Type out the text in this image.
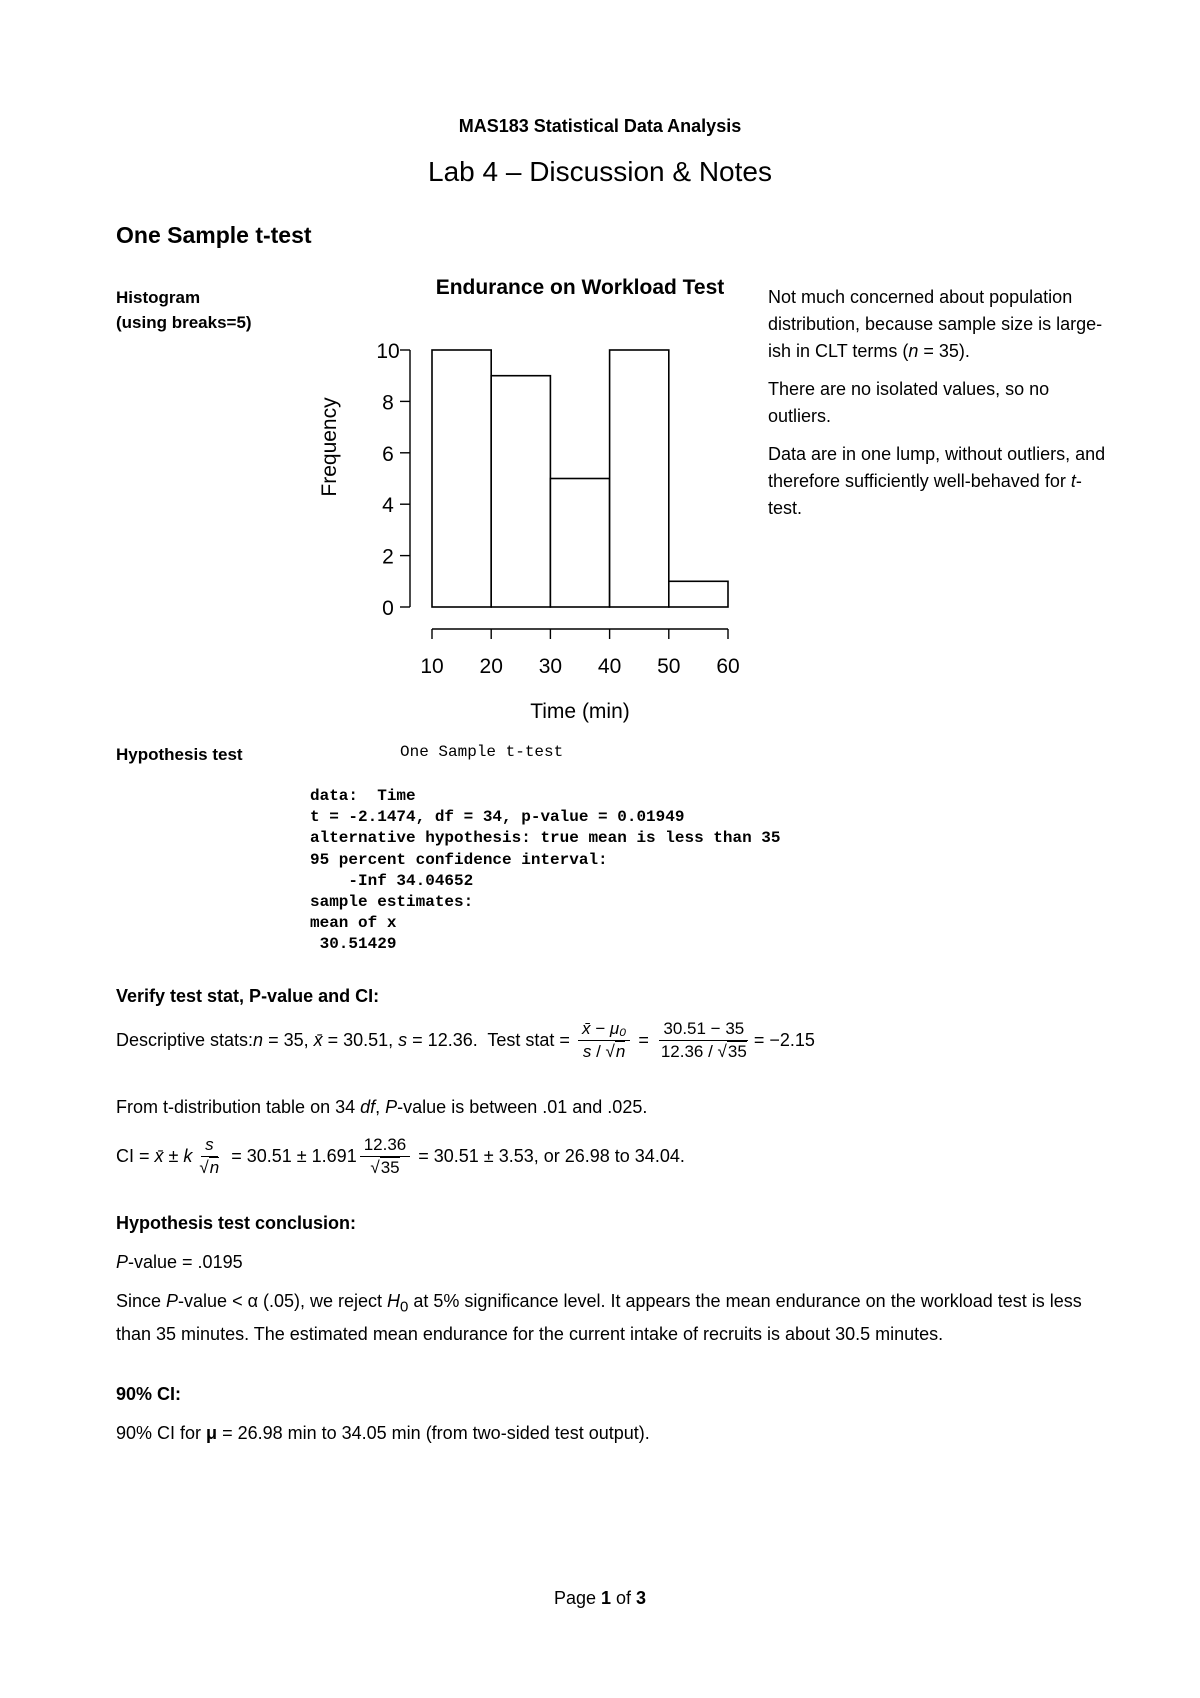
MAS183 Statistical Data Analysis
Lab 4 – Discussion & Notes
One Sample t-test
Histogram
(using breaks=5)
Endurance on Workload Test
Frequency
Time (min)
0
2
4
6
8
10
10 20 30 40 50 60

Not much concerned about population distribution, because sample size is large-ish in CLT terms (n = 35).

There are no isolated values, so no outliers.

Data are in one lump, without outliers, and therefore sufficiently well-behaved for t-test.

Hypothesis test	One Sample t-test
data:  Time
t = -2.1474, df = 34, p-value = 0.01949
alternative hypothesis: true mean is less than 35
95 percent confidence interval:
-Inf 34.04652
sample estimates:
mean of x
30.51429
Verify test stat, P-value and CI:
Descriptive stats: n = 35, x̄ = 30.51, s = 12.36.  Test stat = $\frac{\text{x̄ − μ₀}}{s / √n} = \frac{30.51 - 35}{12.36 / √35} = -2.15$
From t-distribution table on 34 df, P-value is between .01 and .025.
CI = x̄ ± k $\frac{s}{√n} = 30.51 \pm 1.691 \frac{12.36}{√35} = 30.51 \pm 3.53$ , or 26.98 to 34.04.
Hypothesis test conclusion:
P-value = .0195
Since P-value < α (.05), we reject $H_0$ at 5% significance level. It appears the mean endurance on the workload test is less than 35 minutes. The estimated mean endurance for the current intake of recruits is about 30.5 minutes.
90% CI:
90% CI for μ = 26.98 min to 34.05 min (from two-sided test output).
Page 1 of 3
